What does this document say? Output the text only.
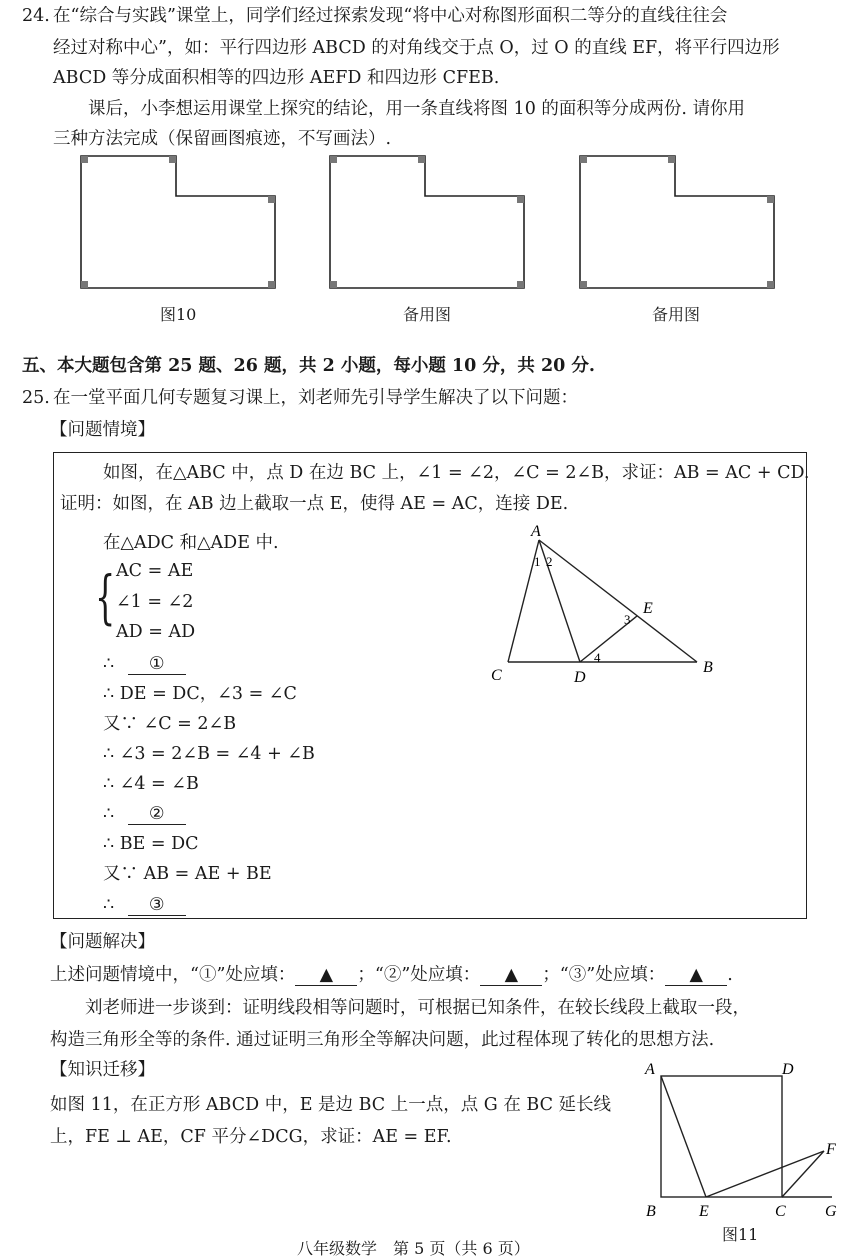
24. 在“综合与实践”课堂上，同学们经过探索发现“将中心对称图形面积二等分的直线往往会
经过对称中心”，如：平行四边形 ABCD 的对角线交于点 O，过 O 的直线 EF，将平行四边形
ABCD 等分成面积相等的四边形 AEFD 和四边形 CFEB.
课后，小李想运用课堂上探究的结论，用一条直线将图 10 的面积等分成两份. 请你用
三种方法完成（保留画图痕迹，不写画法）.
图10	备用图	备用图
五、本大题包含第 25 题、26 题，共 2 小题，每小题 10 分，共 20 分.
25. 在一堂平面几何专题复习课上，刘老师先引导学生解决了以下问题：
【问题情境】
如图，在△ABC 中，点 D 在边 BC 上，∠1 = ∠2，∠C = 2∠B，求证：AB = AC + CD.
证明：如图，在 AB 边上截取一点 E，使得 AE = AC，连接 DE.
在△ADC 和△ADE 中.
{ AC = AE
∠1 = ∠2
AD = AD
∴ ①
∴ DE = DC，∠3 = ∠C
又∵ ∠C = 2∠B
∴ ∠3 = 2∠B = ∠4 + ∠B
∴ ∠4 = ∠B
∴ ②
∴ BE = DC
又∵ AB = AE + BE
∴ ③
A
C	D
B
E
1 2
3
4
【问题解决】
上述问题情境中，“①”处应填： ▲ ；“②”处应填： ▲ ；“③”处应填： ▲ .
刘老师进一步谈到：证明线段相等问题时，可根据已知条件，在较长线段上截取一段，
构造三角形全等的条件. 通过证明三角形全等解决问题，此过程体现了转化的思想方法.
【知识迁移】
如图 11，在正方形 ABCD 中，E 是边 BC 上一点，点 G 在 BC 延长线
上，FE ⊥ AE，CF 平分∠DCG，求证：AE = EF.
A	D
B	E	C G
F
图11
八年级数学　第 5 页（共 6 页）
